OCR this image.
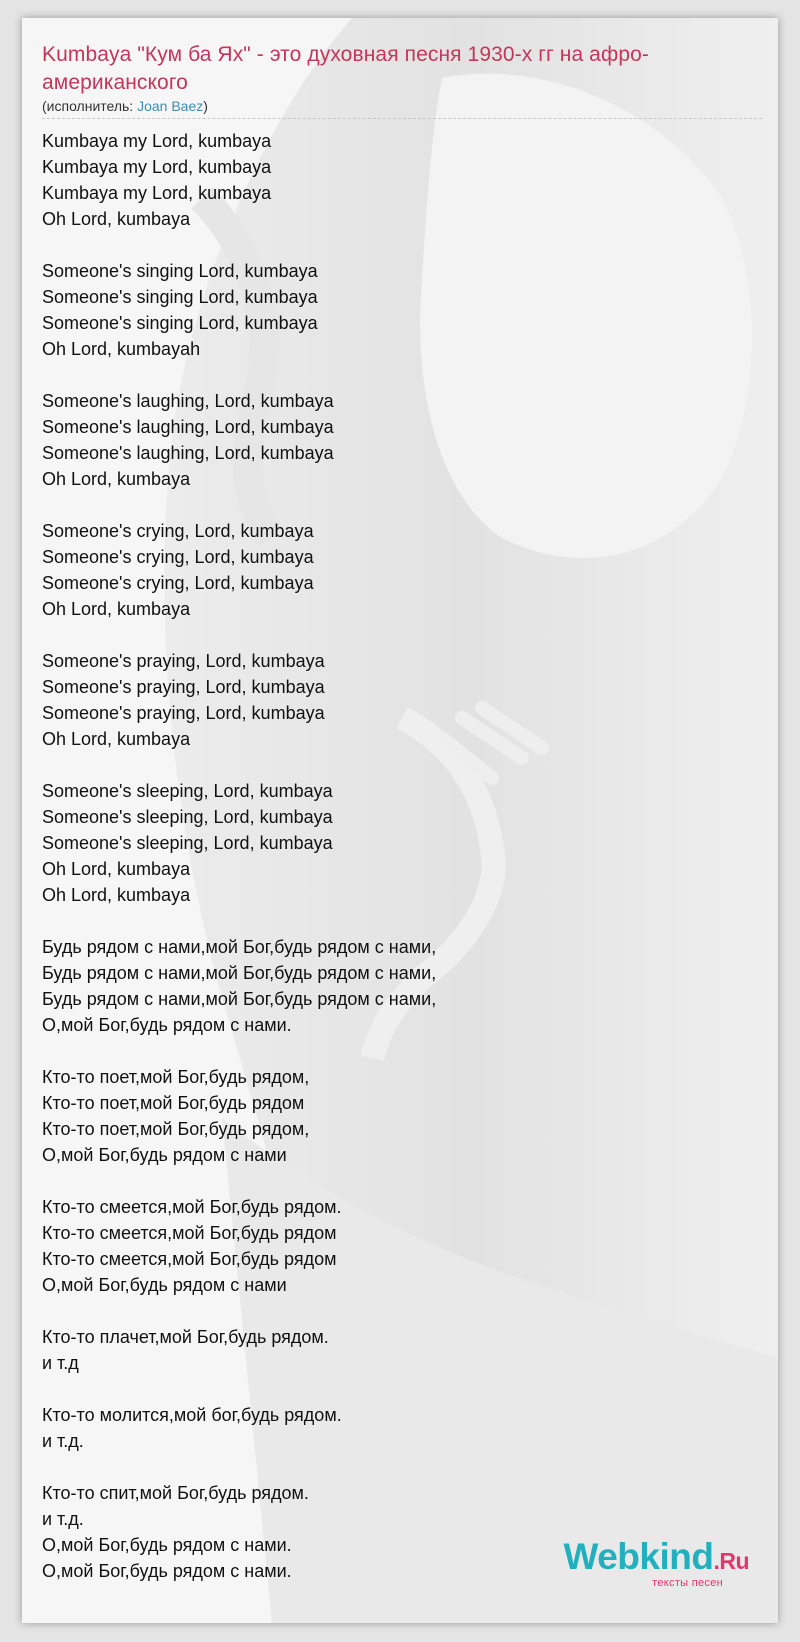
Kumbaya "Кум ба Ях" - это духовная песня 1930-х гг на афро-американского
(исполнитель: Joan Baez)
Kumbaya my Lord, kumbaya
Kumbaya my Lord, kumbaya
Kumbaya my Lord, kumbaya
Oh Lord, kumbaya
Someone's singing Lord, kumbaya
Someone's singing Lord, kumbaya
Someone's singing Lord, kumbaya
Oh Lord, kumbayah
Someone's laughing, Lord, kumbaya
Someone's laughing, Lord, kumbaya
Someone's laughing, Lord, kumbaya
Oh Lord, kumbaya
Someone's crying, Lord, kumbaya
Someone's crying, Lord, kumbaya
Someone's crying, Lord, kumbaya
Oh Lord, kumbaya
Someone's praying, Lord, kumbaya
Someone's praying, Lord, kumbaya
Someone's praying, Lord, kumbaya
Oh Lord, kumbaya
Someone's sleeping, Lord, kumbaya
Someone's sleeping, Lord, kumbaya
Someone's sleeping, Lord, kumbaya
Oh Lord, kumbaya
Oh Lord, kumbaya
Будь рядом с нами,мой Бог,будь рядом с нами,
Будь рядом с нами,мой Бог,будь рядом с нами,
Будь рядом с нами,мой Бог,будь рядом с нами,
О,мой Бог,будь рядом с нами.
Кто-то поет,мой Бог,будь рядом,
Кто-то поет,мой Бог,будь рядом
Кто-то поет,мой Бог,будь рядом,
О,мой Бог,будь рядом с нами
Кто-то смеется,мой Бог,будь рядом.
Кто-то смеется,мой Бог,будь рядом
Кто-то смеется,мой Бог,будь рядом
О,мой Бог,будь рядом с нами
Кто-то плачет,мой Бог,будь рядом.
и т.д
Кто-то молится,мой бог,будь рядом.
и т.д.
Кто-то спит,мой Бог,будь рядом.
и т.д.
О,мой Бог,будь рядом с нами.
О,мой Бог,будь рядом с нами.	Webkind.Ru
тексты песен
